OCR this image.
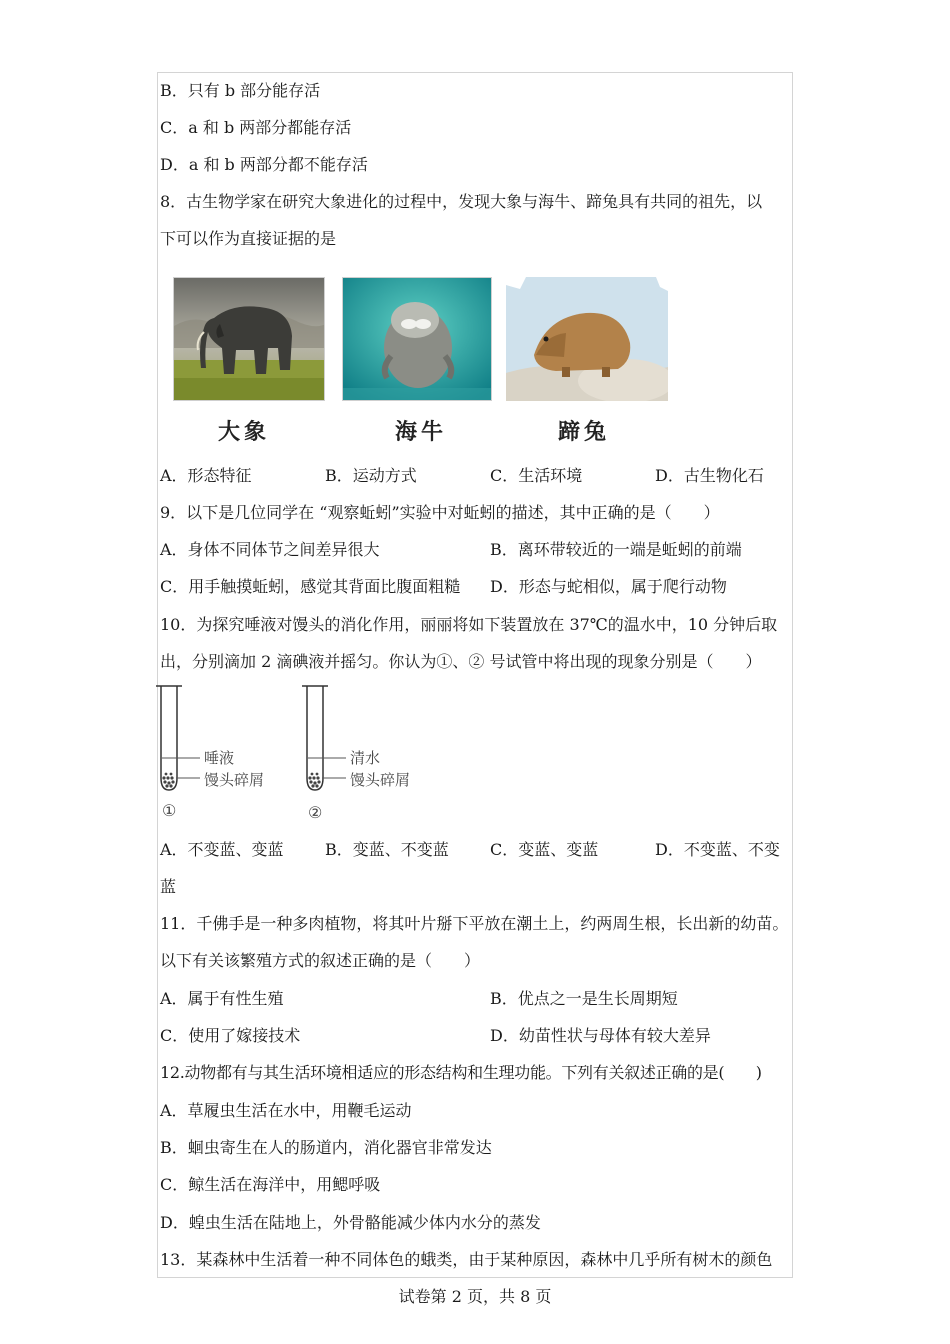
B．只有 b 部分能存活
C．a 和 b 两部分都能存活
D．a 和 b 两部分都不能存活
8．古生物学家在研究大象进化的过程中，发现大象与海牛、蹄兔具有共同的祖先，以
下可以作为直接证据的是
大象	海牛	蹄兔
A．形态特征	B．运动方式	C．生活环境	D．古生物化石
9．以下是几位同学在 “观察蚯蚓”实验中对蚯蚓的描述，其中正确的是（　　）
A．身体不同体节之间差异很大	B．离环带较近的一端是蚯蚓的前端
C．用手触摸蚯蚓，感觉其背面比腹面粗糙 D．形态与蛇相似，属于爬行动物
10．为探究唾液对馒头的消化作用，丽丽将如下装置放在 37℃的温水中，10 分钟后取
出，分别滴加 2 滴碘液并摇匀。你认为①、② 号试管中将出现的现象分别是（　　）
唾液
馒头碎屑
①
清水
馒头碎屑
②
A．不变蓝、变蓝	B．变蓝、不变蓝	C．变蓝、变蓝	D．不变蓝、不变
蓝
11．千佛手是一种多肉植物，将其叶片掰下平放在潮土上，约两周生根，长出新的幼苗。
以下有关该繁殖方式的叙述正确的是（　　）
A．属于有性生殖	B．优点之一是生长周期短
C．使用了嫁接技术	D．幼苗性状与母体有较大差异
12.动物都有与其生活环境相适应的形态结构和生理功能。下列有关叙述正确的是(　　)
A．草履虫生活在水中，用鞭毛运动
B．蛔虫寄生在人的肠道内，消化器官非常发达
C．鲸生活在海洋中，用鳃呼吸
D．蝗虫生活在陆地上，外骨骼能减少体内水分的蒸发
13．某森林中生活着一种不同体色的蛾类，由于某种原因，森林中几乎所有树木的颜色
试卷第 2 页，共 8 页
